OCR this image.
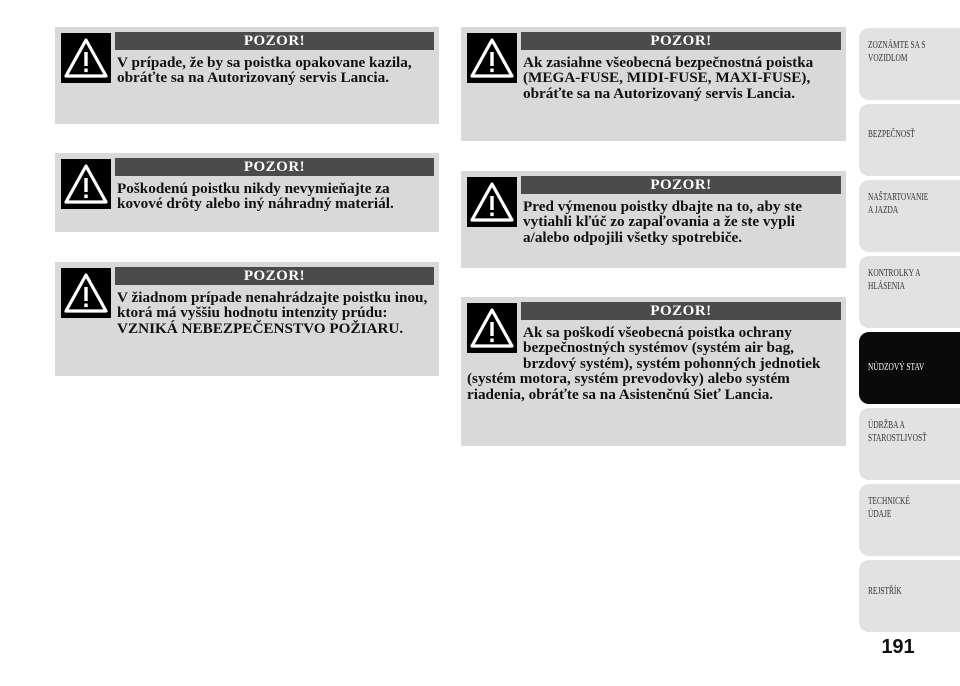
POZOR!
V prípade, že by sa poistka opakovane kazila, obráťte sa na Autorizovaný servis Lancia.
POZOR!
Poškodenú poistku nikdy nevymieňajte za kovové drôty alebo iný náhradný materiál.
POZOR!
V žiadnom prípade nenahrádzajte poistku inou, ktorá má vyššiu hodnotu intenzity prúdu: VZNIKÁ NEBEZPEČENSTVO POŽIARU.
POZOR!
Ak zasiahne všeobecná bezpečnostná poistka (MEGA-FUSE, MIDI-FUSE, MAXI-FUSE), obráťte sa na Autorizovaný servis Lancia.
POZOR!
Pred výmenou poistky dbajte na to, aby ste vytiahli kľúč zo zapaľovania a že ste vypli a/alebo odpojili všetky spotrebiče.
POZOR!
Ak sa poškodí všeobecná poistka ochrany bezpečnostných systémov (systém air bag, brzdový systém), systém pohonných jednotiek (systém motora, systém prevodovky) alebo systém riadenia, obráťte sa na Asistenčnú Sieť Lancia.
ZOZNÁMTE SA S
VOZIDLOM
BEZPEČNOSŤ

NAŠTARTOVANIE
A JAZDA
KONTROLKY A
HLÁSENIA
NÚDZOVÝ STAV

ÚDRŽBA A
STAROSTLIVOSŤ
TECHNICKÉ
ÚDAJE
REJSTŘÍK

191
